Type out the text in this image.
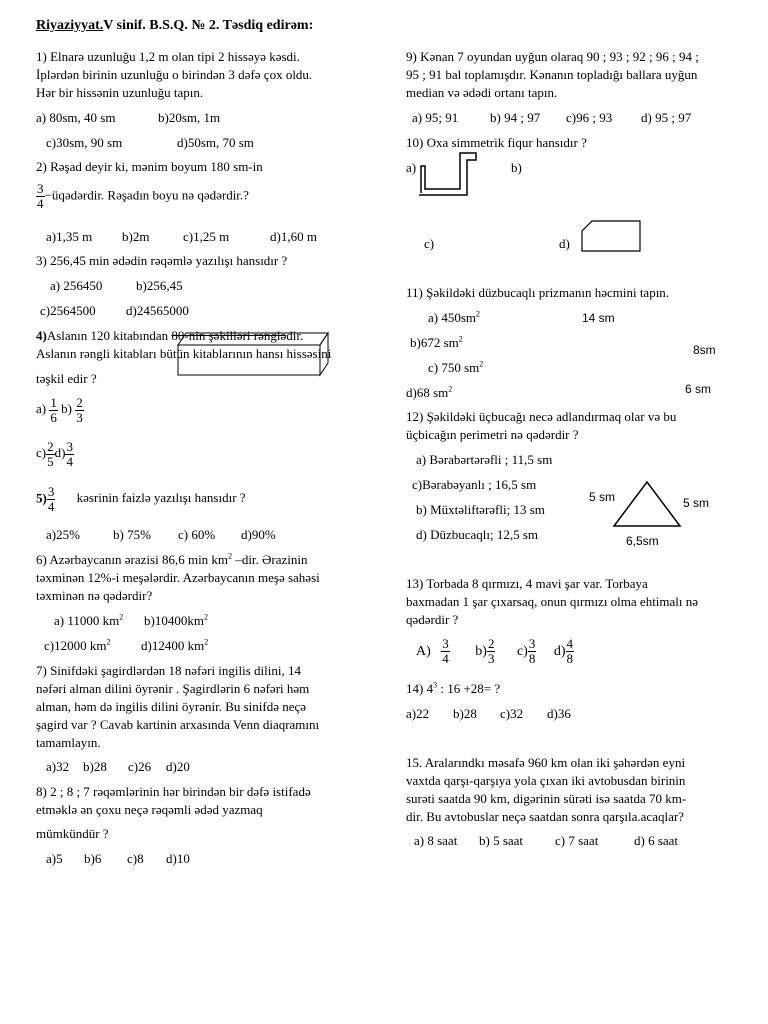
Riyaziyyat.V sinif. B.S.Q. № 2. Təsdiq edirəm:
1) Elnarə uzunluğu 1,2 m olan tipi 2 hissəyə kəsdi.
İplərdən birinin uzunluğu o birindən 3 dəfə çox oldu.
Hər bir hissənin uzunluğu tapın.
a) 80sm, 40 sm	b)20sm, 1m
c)30sm, 90 sm	d)50sm, 70 sm
2) Rəşad deyir ki, mənim boyum 180 sm-in
$\frac{3}{4}$ −üqədərdir. Rəşadın boyu nə qədərdir.?
a)1,35 m b)2m	c)1,25 m	d)1,60 m
3) 256,45 min ədədin rəqəmlə yazılışı hansıdır ?
a) 256450	b)256,45
c)2564500 d)24565000
4)Aslanın 120 kitabından 80-nin şəkilləri rənglədir.
Aslanın rəngli kitabları bütün kitablarının hansı hissəsini
təşkil edir ?
$a) \frac{1}{6} b) \frac{2}{3}$
$c) \frac{2}{5} d) \frac{3}{4}$
$5) \frac{3}{4}$ kəsrinin faizlə yazılışı hansıdır ?
a)25%	b) 75% c) 60% d)90%
6) Azərbaycanın ərazisi 86,6 $\min km^2$ –dir. Ərazinin
təxminən 12%-i meşələrdir. Azərbaycanın meşə sahəsi
təxminən nə qədərdir?
a) 11000 $km^2$ $b)10400km^2$
c)12000 $km^2$ d)12400 $km^2$
7) Sinifdəki şagirdlərdən 18 nəfəri ingilis dilini, 14
nəfəri alman dilini öyrənir . Şagirdlərin 6 nəfəri həm
alman, həm də ingilis dilini öyrənir. Bu sinifdə neçə
şagird var ? Cavab kartinin arxasında Venn diaqramını
tamamlayın.
a)32 b)28 c)26 d)20
8) 2 ; 8 ; 7 rəqəmlərinin hər birindən bir dəfə istifadə
etməklə ən çoxu neçə rəqəmli ədəd yazmaq
mümkündür ?
a)5 b)6 c)8 d)10
9) Kənan 7 oyundan uyğun olaraq 90 ; 93 ; 92 ; 96 ; 94 ;
95 ; 91 bal toplamışdır. Kənanın topladığı ballara uyğun
median və ədədi ortanı tapın.
a) 95; 91 b) 94 ; 97 c)96 ; 93 d) 95 ; 97
10) Oxa simmetrik fiqur hansıdır ?
a)	b)
c)	d)
11) Şəkildəki düzbucaqlı prizmanın həcmini tapın.
a) $450sm^2$
b)672 $sm^2$
c) 750 $sm^2$
d)68 $sm^2$
14 sm
8sm
6 sm
12) Şəkildəki üçbucağı necə adlandırmaq olar və bu
üçbicağın perimetri nə qədərdir ?
a) Bərabərtərəfli ; 11,5 sm
c)Bərabəyanlı ; 16,5 sm
b) Müxtəliftərəfli; 13 sm
d) Düzbucaqlı; 12,5 sm
5 sm	5 sm
6,5sm
13) Torbada 8 qırmızı, 4 mavi şar var. Torbaya
baxmadan 1 şar çıxarsaq, onun qırmızı olma ehtimalı nə
qədərdir ?
$A) \frac{3}{4} b) \frac{2}{3} c) \frac{3}{8} d) \frac{4}{8}$
14) $4^3$ : 16 +28= ?
a)22 b)28 c)32 d)36
15. Aralarındkı məsafə 960 km olan iki şəhərdən eyni
vaxtda qarşı-qarşıya yola çıxan iki avtobusdan birinin
surəti saatda 90 km, digərinin sürəti isə saatda 70 km-
dir. Bu avtobuslar neçə saatdan sonra qarşıla.acaqlar?
a) 8 saat b) 5 saat c) 7 saat	d) 6 saat
